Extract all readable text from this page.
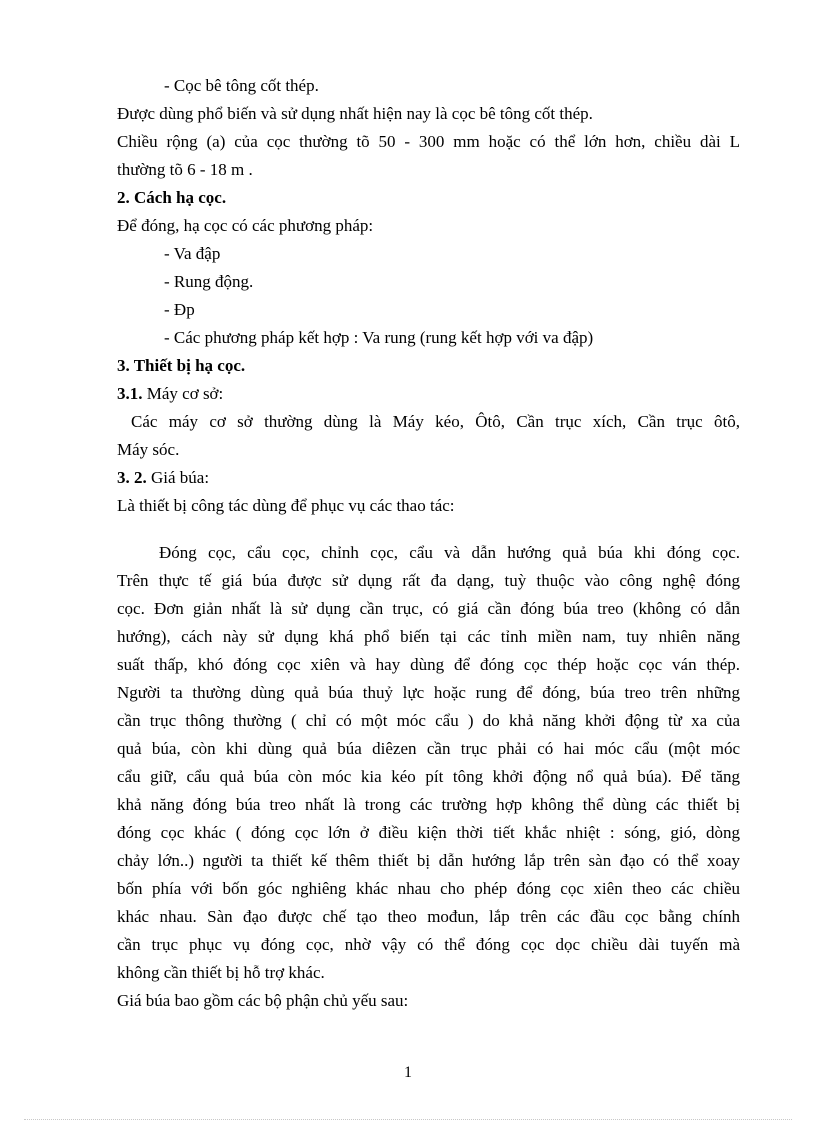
- Cọc bê tông cốt thép.
Được dùng phổ biến và sử dụng nhất hiện nay là cọc bê tông cốt thép.
Chiều rộng (a) của cọc thường tõ 50 - 300 mm hoặc có thể lớn hơn, chiều dài L
thường tõ 6 - 18 m .
2. Cách hạ cọc.
Để đóng, hạ cọc có các phương pháp:
- Va đập
- Rung động.
- Đp
- Các phương pháp kết hợp : Va rung (rung kết hợp với va đập)
3. Thiết bị hạ cọc.
3.1. Máy cơ sở:
Các máy cơ sở thường dùng là Máy kéo, Ôtô, Cần trục xích, Cần trục ôtô,
Máy sóc.
3. 2. Giá búa:
Là thiết bị công tác dùng để phục vụ các thao tác:
Đóng cọc, cẩu cọc, chỉnh cọc, cẩu và dẫn hướng quả búa khi đóng cọc.
Trên thực tế giá búa được sử dụng rất đa dạng, tuỳ thuộc vào công nghệ đóng
cọc. Đơn giản nhất là sử dụng cần trục, có giá cần đóng búa treo (không có dẫn
hướng), cách này sử dụng khá phổ biến tại các tỉnh miền nam, tuy nhiên năng
suất thấp, khó đóng cọc xiên và hay dùng để đóng cọc thép hoặc cọc ván thép.
Người ta thường dùng quả búa thuỷ lực hoặc rung để đóng, búa treo trên những
cần trục thông thường ( chỉ có một móc cẩu ) do khả năng khởi động từ xa của
quả búa, còn khi dùng quả búa diêzen cần trục phải có hai móc cẩu (một móc
cẩu giữ, cẩu quả búa còn móc kia kéo pít tông khởi động nổ quả búa). Để tăng
khả năng đóng búa treo nhất là trong các trường hợp không thể dùng các thiết bị
đóng cọc khác ( đóng cọc lớn ở điều kiện thời tiết khắc nhiệt : sóng, gió, dòng
chảy lớn..) người ta thiết kế thêm thiết bị dẫn hướng lắp trên sàn đạo có thể xoay
bốn phía với bốn góc nghiêng khác nhau cho phép đóng cọc xiên theo các chiều
khác nhau. Sàn đạo được chế tạo theo mođun, lắp trên các đầu cọc bằng chính
cần trục phục vụ đóng cọc, nhờ vậy có thể đóng cọc dọc chiều dài tuyến mà
không cần thiết bị hỗ trợ khác.
Giá búa bao gồm các bộ phận chủ yếu sau:
1
